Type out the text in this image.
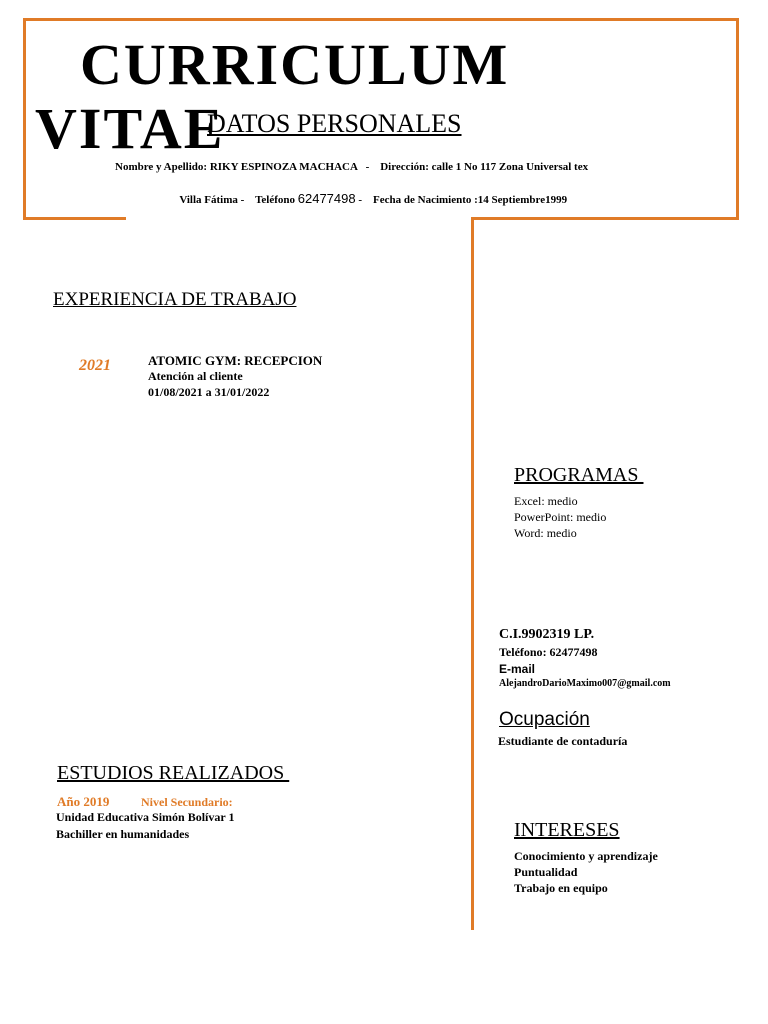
CURRICULUM
VITAE
DATOS PERSONALES
Nombre y Apellido: RIKY ESPINOZA MACHACA   -    Dirección: calle 1 No 117 Zona Universal tex

Villa Fátima -    Teléfono 62477498 -    Fecha de Nacimiento :14 Septiembre1999

EXPERIENCIA DE TRABAJO
2021	ATOMIC GYM: RECEPCION
Atención al cliente
01/08/2021 a 31/01/2022
PROGRAMAS
Excel: medio
PowerPoint: medio
Word: medio
C.I.9902319 LP.
Teléfono: 62477498
E-mail
AlejandroDarioMaximo007@gmail.com
Ocupación
Estudiante de contaduría
ESTUDIOS REALIZADOS
Año 2019	Nivel Secundario:
Unidad Educativa Simón Bolívar 1
Bachiller en humanidades	INTERESES
Conocimiento y aprendizaje
Puntualidad
Trabajo en equipo
